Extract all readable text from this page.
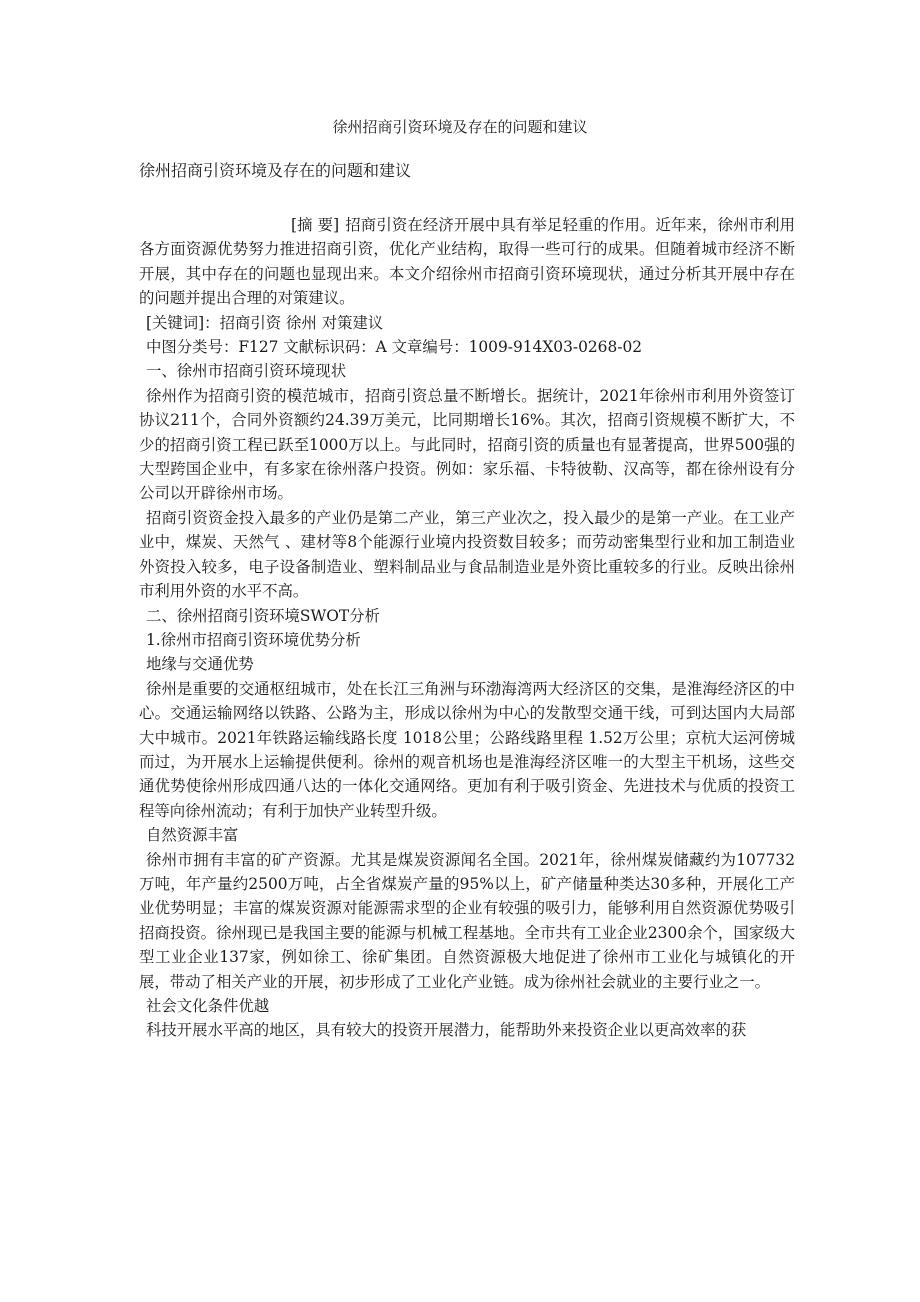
徐州招商引资环境及存在的问题和建议
徐州招商引资环境及存在的问题和建议

[摘 要] 招商引资在经济开展中具有举足轻重的作用。近年来，徐州市利用各方面资源优势努力推进招商引资，优化产业结构，取得一些可行的成果。但随着城市经济不断开展，其中存在的问题也显现出来。本文介绍徐州市招商引资环境现状，通过分析其开展中存在的问题并提出合理的对策建议。

[关键词]：招商引资 徐州 对策建议

中图分类号：F127 文献标识码：A 文章编号：1009-914X03-0268-02

一、徐州市招商引资环境现状

徐州作为招商引资的模范城市，招商引资总量不断增长。据统计，2021年徐州市利用外资签订协议211个，合同外资额约24.39万美元，比同期增长16%。其次，招商引资规模不断扩大，不少的招商引资工程已跃至1000万以上。与此同时，招商引资的质量也有显著提高，世界500强的大型跨国企业中，有多家在徐州落户投资。例如：家乐福、卡特彼勒、汉高等，都在徐州设有分公司以开辟徐州市场。

招商引资资金投入最多的产业仍是第二产业，第三产业次之，投入最少的是第一产业。在工业产业中，煤炭、天然气 、建材等8个能源行业境内投资数目较多；而劳动密集型行业和加工制造业外资投入较多，电子设备制造业、塑料制品业与食品制造业是外资比重较多的行业。反映出徐州市利用外资的水平不高。

二、徐州招商引资环境SWOT分析

1.徐州市招商引资环境优势分析

地缘与交通优势

徐州是重要的交通枢纽城市，处在长江三角洲与环渤海湾两大经济区的交集，是淮海经济区的中心。交通运输网络以铁路、公路为主，形成以徐州为中心的发散型交通干线，可到达国内大局部大中城市。2021年铁路运输线路长度 1018公里；公路线路里程 1.52万公里；京杭大运河傍城而过，为开展水上运输提供便利。徐州的观音机场也是淮海经济区唯一的大型主干机场，这些交通优势使徐州形成四通八达的一体化交通网络。更加有利于吸引资金、先进技术与优质的投资工程等向徐州流动；有利于加快产业转型升级。

自然资源丰富

徐州市拥有丰富的矿产资源。尤其是煤炭资源闻名全国。2021年，徐州煤炭储藏约为107732万吨，年产量约2500万吨，占全省煤炭产量的95%以上，矿产储量种类达30多种，开展化工产业优势明显；丰富的煤炭资源对能源需求型的企业有较强的吸引力，能够利用自然资源优势吸引招商投资。徐州现已是我国主要的能源与机械工程基地。全市共有工业企业2300余个，国家级大型工业企业137家，例如徐工、徐矿集团。自然资源极大地促进了徐州市工业化与城镇化的开展，带动了相关产业的开展，初步形成了工业化产业链。成为徐州社会就业的主要行业之一。

社会文化条件优越

科技开展水平高的地区，具有较大的投资开展潜力，能帮助外来投资企业以更高效率的获
